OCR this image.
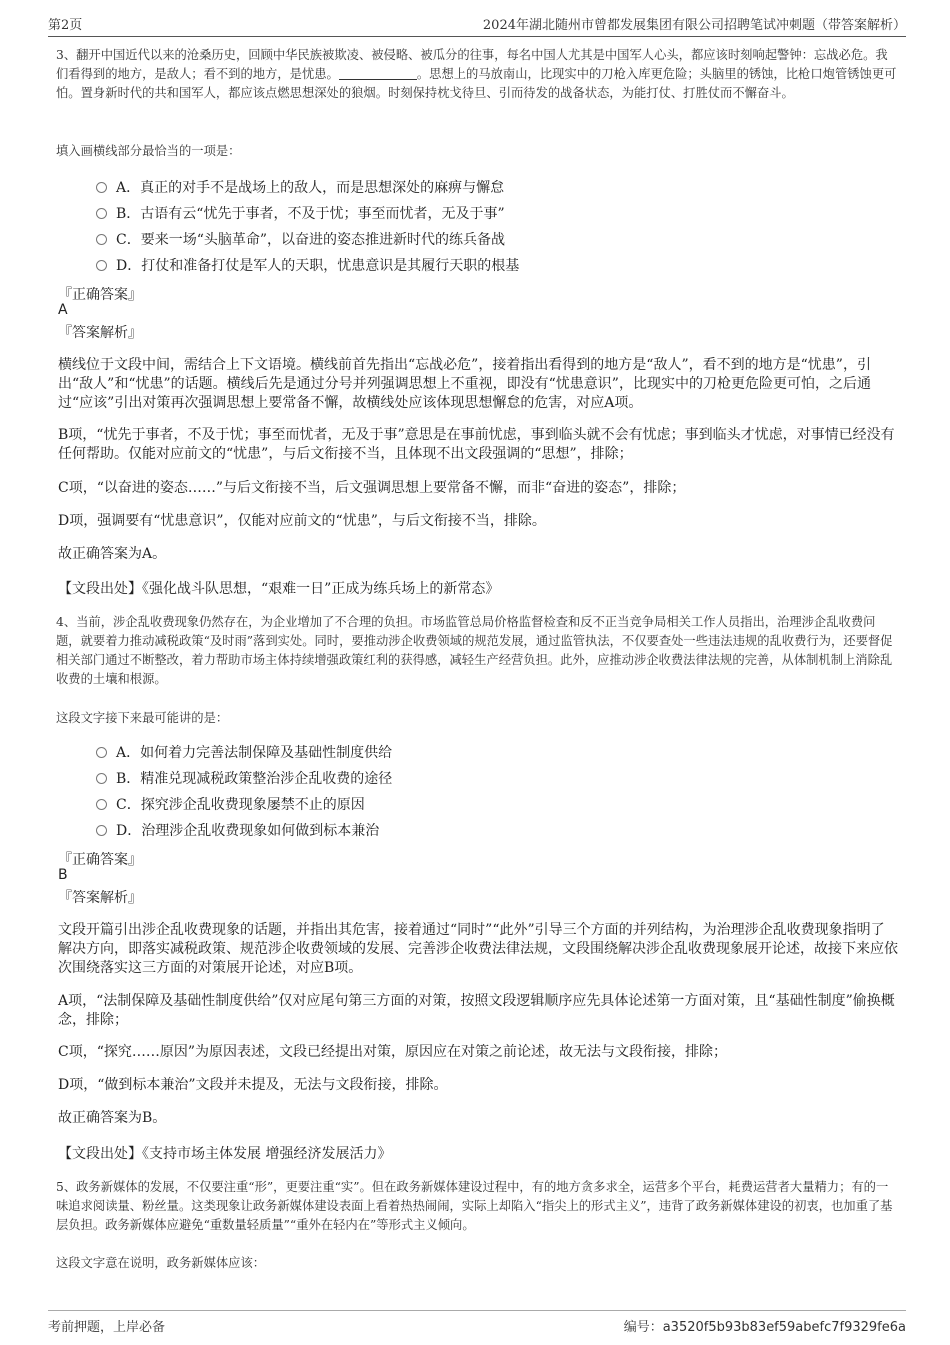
第2页	2024年湖北随州市曾都发展集团有限公司招聘笔试冲刺题（带答案解析）
3、翻开中国近代以来的沧桑历史，回顾中华民族被欺凌、被侵略、被瓜分的往事，每名中国人尤其是中国军人心头，都应该时刻响起警钟：忘战必危。我们看得到的地方，是敌人；看不到的地方，是忧患。	。思想上的马放南山，比现实中的刀枪入库更危险；头脑里的锈蚀，比枪口炮管锈蚀更可怕。置身新时代的共和国军人，都应该点燃思想深处的狼烟。时刻保持枕戈待旦、引而待发的战备状态，为能打仗、打胜仗而不懈奋斗。
填入画横线部分最恰当的一项是：
A．真正的对手不是战场上的敌人，而是思想深处的麻痹与懈怠
B．古语有云“忧先于事者，不及于忧；事至而忧者，无及于事”
C．要来一场“头脑革命”，以奋进的姿态推进新时代的练兵备战
D．打仗和准备打仗是军人的天职，忧患意识是其履行天职的根基
『正确答案』
A
『答案解析』
横线位于文段中间，需结合上下文语境。横线前首先指出“忘战必危”，接着指出看得到的地方是“敌人”，看不到的地方是“忧患”，引出“敌人”和“忧患”的话题。横线后先是通过分号并列强调思想上不重视，即没有“忧患意识”，比现实中的刀枪更危险更可怕，之后通过“应该”引出对策再次强调思想上要常备不懈，故横线处应该体现思想懈怠的危害，对应A项。
B项，“忧先于事者，不及于忧；事至而忧者，无及于事”意思是在事前忧虑，事到临头就不会有忧虑；事到临头才忧虑，对事情已经没有任何帮助。仅能对应前文的“忧患”，与后文衔接不当，且体现不出文段强调的“思想”，排除；
C项，“以奋进的姿态……”与后文衔接不当，后文强调思想上要常备不懈，而非“奋进的姿态”，排除；
D项，强调要有“忧患意识”，仅能对应前文的“忧患”，与后文衔接不当，排除。
故正确答案为A。
【文段出处】《强化战斗队思想，“艰难一日”正成为练兵场上的新常态》
4、当前，涉企乱收费现象仍然存在，为企业增加了不合理的负担。市场监管总局价格监督检查和反不正当竞争局相关工作人员指出，治理涉企乱收费问题，就要着力推动减税政策“及时雨”落到实处。同时，要推动涉企收费领域的规范发展，通过监管执法，不仅要查处一些违法违规的乱收费行为，还要督促相关部门通过不断整改，着力帮助市场主体持续增强政策红利的获得感，减轻生产经营负担。此外，应推动涉企收费法律法规的完善，从体制机制上消除乱收费的土壤和根源。
这段文字接下来最可能讲的是：
A．如何着力完善法制保障及基础性制度供给
B．精准兑现减税政策整治涉企乱收费的途径
C．探究涉企乱收费现象屡禁不止的原因
D．治理涉企乱收费现象如何做到标本兼治
『正确答案』
B
『答案解析』
文段开篇引出涉企乱收费现象的话题，并指出其危害，接着通过“同时”“此外”引导三个方面的并列结构，为治理涉企乱收费现象指明了解决方向，即落实减税政策、规范涉企收费领域的发展、完善涉企收费法律法规，文段围绕解决涉企乱收费现象展开论述，故接下来应依次围绕落实这三方面的对策展开论述，对应B项。
A项，“法制保障及基础性制度供给”仅对应尾句第三方面的对策，按照文段逻辑顺序应先具体论述第一方面对策，且“基础性制度”偷换概念，排除；
C项，“探究……原因”为原因表述，文段已经提出对策，原因应在对策之前论述，故无法与文段衔接，排除；
D项，“做到标本兼治”文段并未提及，无法与文段衔接，排除。
故正确答案为B。
【文段出处】《支持市场主体发展 增强经济发展活力》
5、政务新媒体的发展，不仅要注重“形”，更要注重“实”。但在政务新媒体建设过程中，有的地方贪多求全，运营多个平台，耗费运营者大量精力；有的一味追求阅读量、粉丝量。这类现象让政务新媒体建设表面上看着热热闹闹，实际上却陷入“指尖上的形式主义”，违背了政务新媒体建设的初衷，也加重了基层负担。政务新媒体应避免“重数量轻质量”“重外在轻内在”等形式主义倾向。
这段文字意在说明，政务新媒体应该：
考前押题，上岸必备	编号：a3520f5b93b83ef59abefc7f9329fe6a
